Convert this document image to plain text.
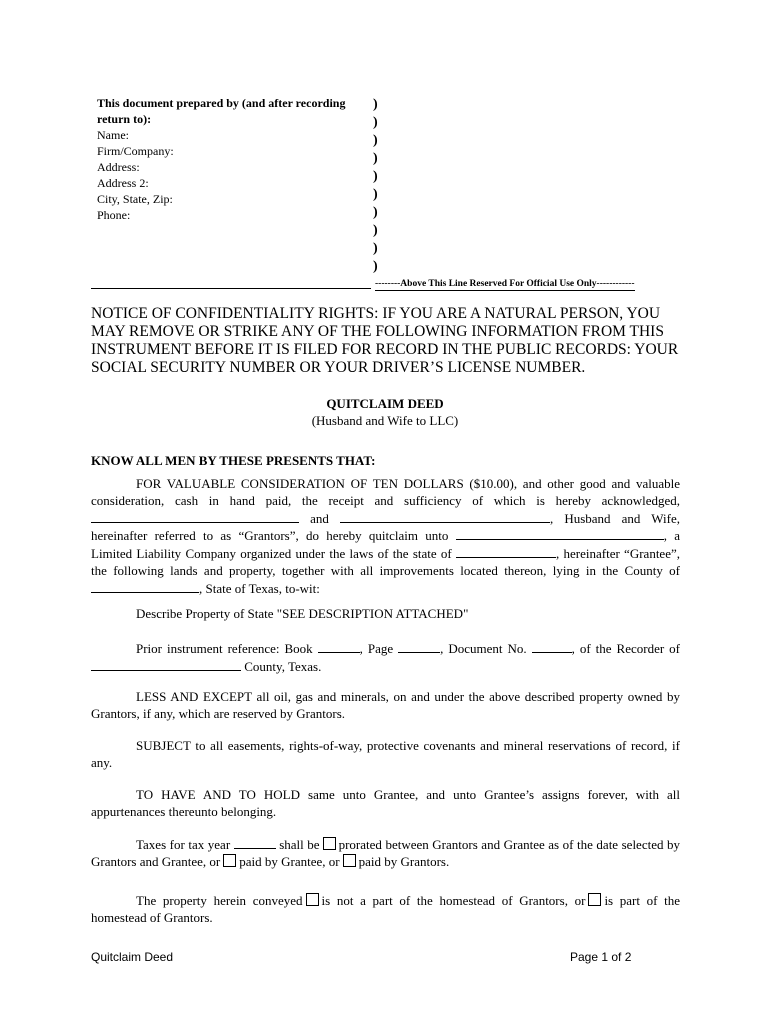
This document prepared by (and after recording
return to):
Name:
Firm/Company:
Address:
Address 2:
City, State, Zip:
Phone:
)
)
)
)
)
)
)
)
)
)
--------Above This Line Reserved For Official Use Only------------
NOTICE OF CONFIDENTIALITY RIGHTS: IF YOU ARE A NATURAL PERSON, YOU MAY REMOVE OR STRIKE ANY OF THE FOLLOWING INFORMATION FROM THIS INSTRUMENT BEFORE IT IS FILED FOR RECORD IN THE PUBLIC RECORDS: YOUR SOCIAL SECURITY NUMBER OR YOUR DRIVER’S LICENSE NUMBER.
QUITCLAIM DEED
(Husband and Wife to LLC)
KNOW ALL MEN BY THESE PRESENTS THAT:
FOR VALUABLE CONSIDERATION OF TEN DOLLARS ($10.00), and other good and valuable consideration, cash in hand paid, the receipt and sufficiency of which is hereby acknowledged,  and	, Husband and Wife, hereinafter referred to as “Grantors”, do hereby quitclaim unto	, a Limited Liability Company organized under the laws of the state of	, hereinafter “Grantee”, the following lands and property, together with all improvements located thereon, lying in the County of, State of Texas, to-wit:
Describe Property of State "SEE DESCRIPTION ATTACHED"
Prior instrument reference: Book	, Page	, Document No.	, of the Recorder of  County, Texas.
LESS AND EXCEPT all oil, gas and minerals, on and under the above described property owned by Grantors, if any, which are reserved by Grantors.
SUBJECT to all easements, rights-of-way, protective covenants and mineral reservations of record, if any.
TO HAVE AND TO HOLD same unto Grantee, and unto Grantee’s assigns forever, with all appurtenances thereunto belonging.
Taxes for tax year	shall be prorated between Grantors and Grantee as of the date selected by Grantors and Grantee, or paid by Grantee, or paid by Grantors.
The property herein conveyed is not a part of the homestead of Grantors, or is part of the homestead of Grantors.
Quitclaim Deed	Page 1 of 2
